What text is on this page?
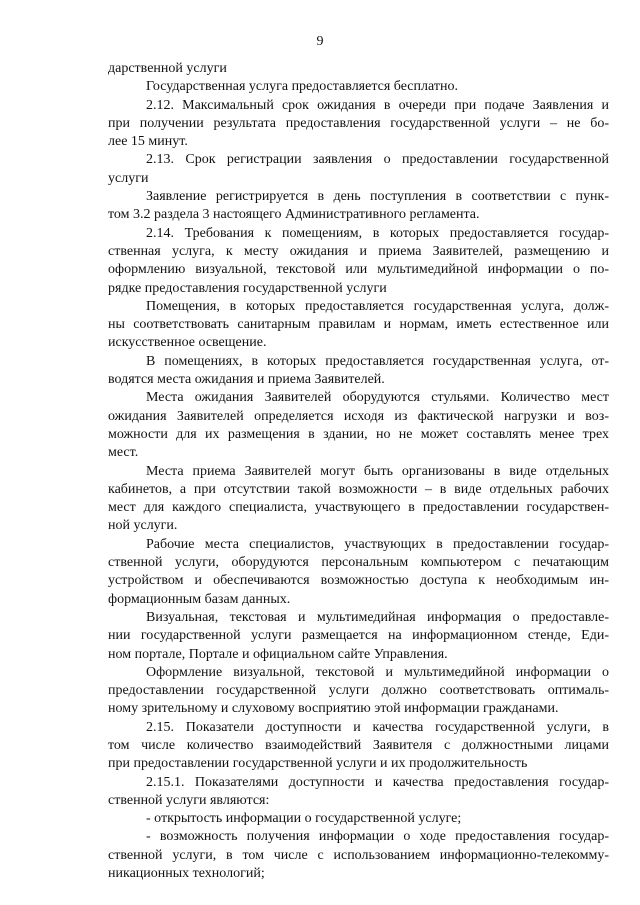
9
дарственной услуги
Государственная услуга предоставляется бесплатно.
2.12. Максимальный срок ожидания в очереди при подаче Заявления и
при получении результата предоставления государственной услуги – не бо-
лее 15 минут.
2.13. Срок регистрации заявления о предоставлении государственной
услуги
Заявление регистрируется в день поступления в соответствии с пунк-
том 3.2 раздела 3 настоящего Административного регламента.
2.14. Требования к помещениям, в которых предоставляется государ-
ственная услуга, к месту ожидания и приема Заявителей, размещению и
оформлению визуальной, текстовой или мультимедийной информации о по-
рядке предоставления государственной услуги
Помещения, в которых предоставляется государственная услуга, долж-
ны соответствовать санитарным правилам и нормам, иметь естественное или
искусственное освещение.
В помещениях, в которых предоставляется государственная услуга, от-
водятся места ожидания и приема Заявителей.
Места ожидания Заявителей оборудуются стульями. Количество мест
ожидания Заявителей определяется исходя из фактической нагрузки и воз-
можности для их размещения в здании, но не может составлять менее трех
мест.
Места приема Заявителей могут быть организованы в виде отдельных
кабинетов, а при отсутствии такой возможности – в виде отдельных рабочих
мест для каждого специалиста, участвующего в предоставлении государствен-
ной услуги.
Рабочие места специалистов, участвующих в предоставлении государ-
ственной услуги, оборудуются персональным компьютером с печатающим
устройством и обеспечиваются возможностью доступа к необходимым ин-
формационным базам данных.
Визуальная, текстовая и мультимедийная информация о предоставле-
нии государственной услуги размещается на информационном стенде, Еди-
ном портале, Портале и официальном сайте Управления.
Оформление визуальной, текстовой и мультимедийной информации о
предоставлении государственной услуги должно соответствовать оптималь-
ному зрительному и слуховому восприятию этой информации гражданами.
2.15. Показатели доступности и качества государственной услуги, в
том числе количество взаимодействий Заявителя с должностными лицами
при предоставлении государственной услуги и их продолжительность
2.15.1. Показателями доступности и качества предоставления государ-
ственной услуги являются:
- открытость информации о государственной услуге;
- возможность получения информации о ходе предоставления государ-
ственной услуги, в том числе с использованием информационно-телекомму-
никационных технологий;
